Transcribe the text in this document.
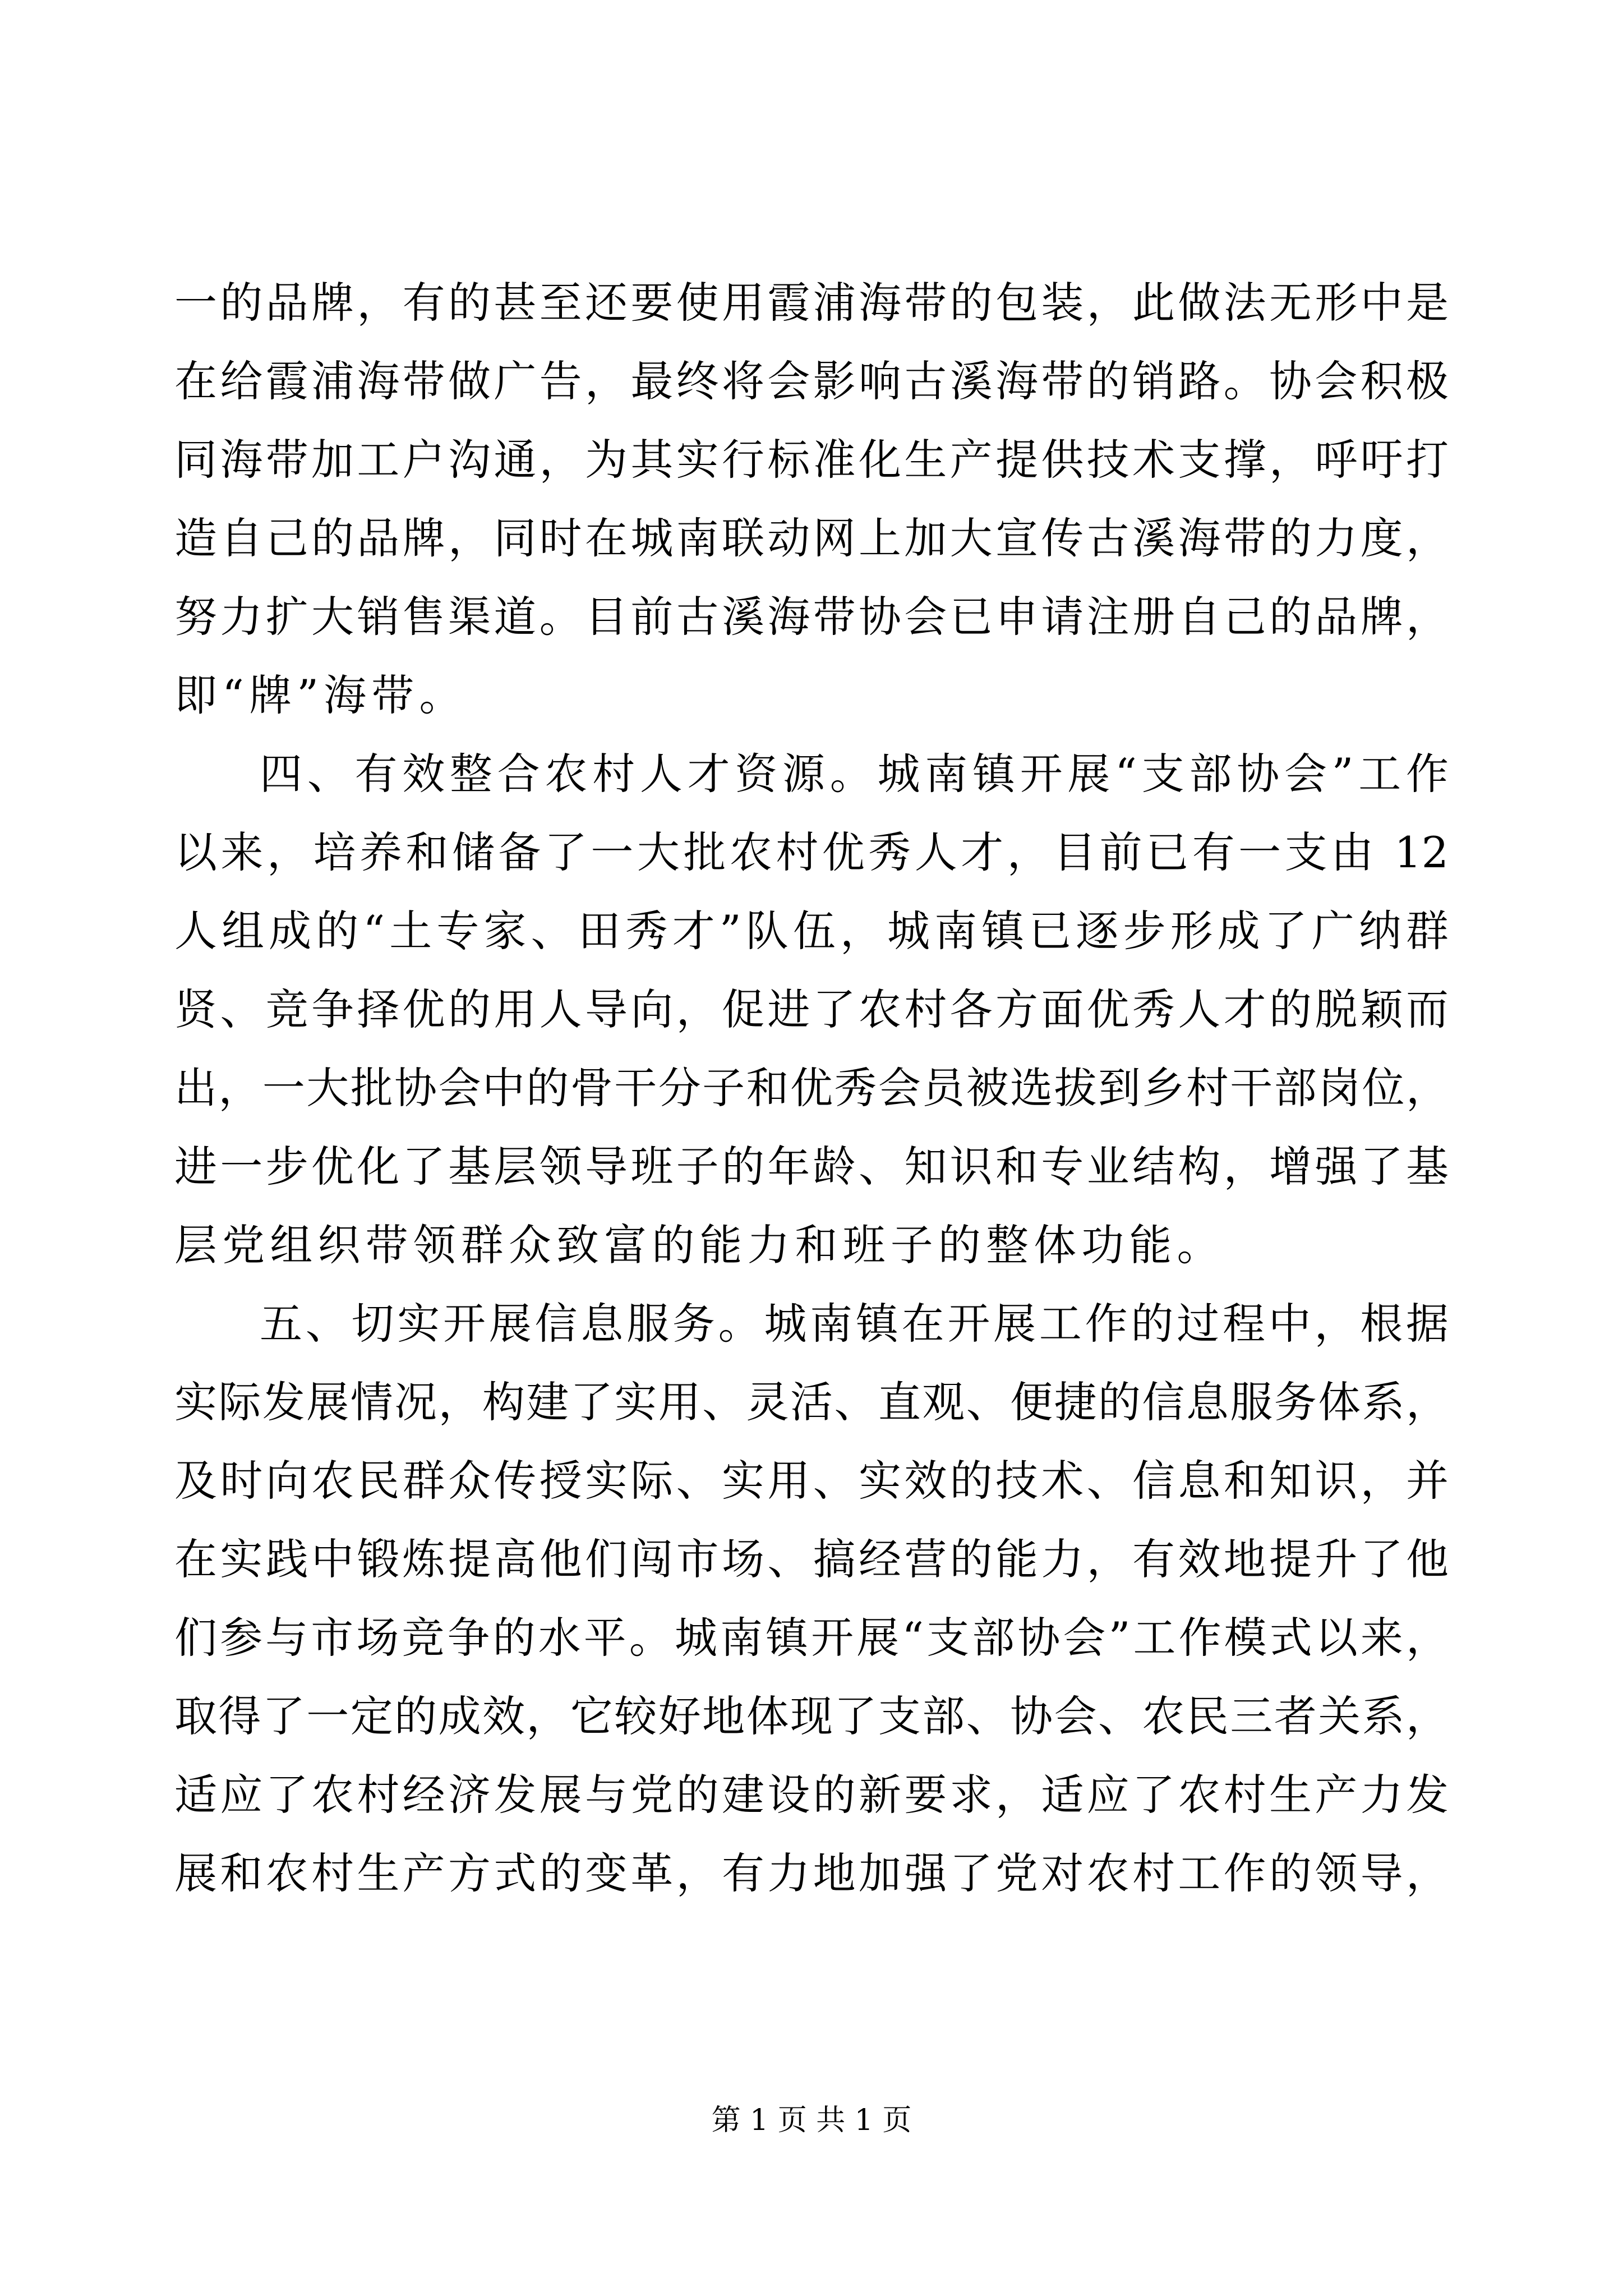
一的品牌，有的甚至还要使用霞浦海带的包装，此做法无形中是
在给霞浦海带做广告，最终将会影响古溪海带的销路。协会积极
同海带加工户沟通，为其实行标准化生产提供技术支撑，呼吁打
造自己的品牌，同时在城南联动网上加大宣传古溪海带的力度，
努力扩大销售渠道。目前古溪海带协会已申请注册自己的品牌，
即“牌”海带。
四、有效整合农村人才资源。城南镇开展“支部协会”工作
以来，培养和储备了一大批农村优秀人才，目前已有一支由 12
人组成的“土专家、田秀才”队伍，城南镇已逐步形成了广纳群
贤、竞争择优的用人导向，促进了农村各方面优秀人才的脱颖而
出，一大批协会中的骨干分子和优秀会员被选拔到乡村干部岗位，
进一步优化了基层领导班子的年龄、知识和专业结构，增强了基
层党组织带领群众致富的能力和班子的整体功能。
五、切实开展信息服务。城南镇在开展工作的过程中，根据
实际发展情况，构建了实用、灵活、直观、便捷的信息服务体系，
及时向农民群众传授实际、实用、实效的技术、信息和知识，并
在实践中锻炼提高他们闯市场、搞经营的能力，有效地提升了他
们参与市场竞争的水平。城南镇开展“支部协会”工作模式以来，
取得了一定的成效，它较好地体现了支部、协会、农民三者关系，
适应了农村经济发展与党的建设的新要求，适应了农村生产力发
展和农村生产方式的变革，有力地加强了党对农村工作的领导，
第 1 页 共 1 页
